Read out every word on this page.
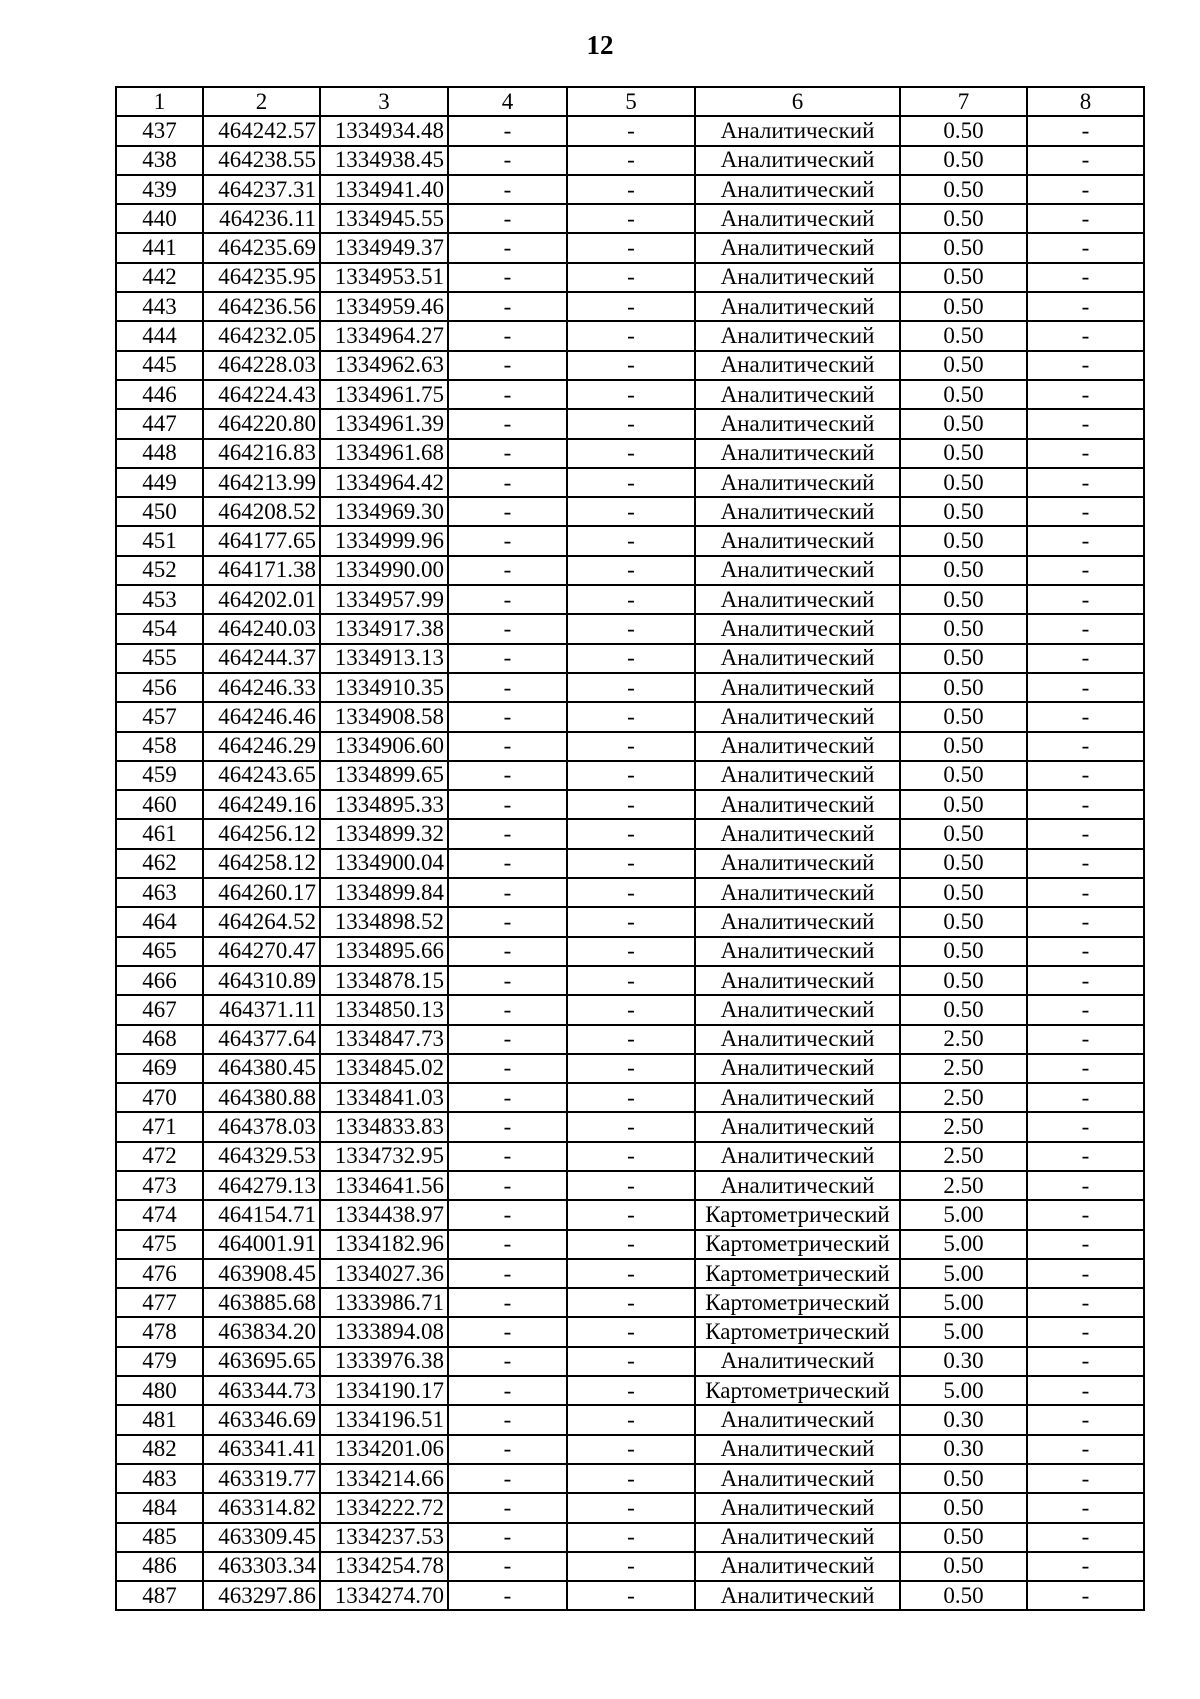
12
1	2	3	4	5	6	7	8
437	464242.57	1334934.48	-	-	Аналитический	0.50	-
438	464238.55	1334938.45	-	-	Аналитический	0.50	-
439	464237.31	1334941.40	-	-	Аналитический	0.50	-
440	464236.11	1334945.55	-	-	Аналитический	0.50	-
441	464235.69	1334949.37	-	-	Аналитический	0.50	-
442	464235.95	1334953.51	-	-	Аналитический	0.50	-
443	464236.56	1334959.46	-	-	Аналитический	0.50	-
444	464232.05	1334964.27	-	-	Аналитический	0.50	-
445	464228.03	1334962.63	-	-	Аналитический	0.50	-
446	464224.43	1334961.75	-	-	Аналитический	0.50	-
447	464220.80	1334961.39	-	-	Аналитический	0.50	-
448	464216.83	1334961.68	-	-	Аналитический	0.50	-
449	464213.99	1334964.42	-	-	Аналитический	0.50	-
450	464208.52	1334969.30	-	-	Аналитический	0.50	-
451	464177.65	1334999.96	-	-	Аналитический	0.50	-
452	464171.38	1334990.00	-	-	Аналитический	0.50	-
453	464202.01	1334957.99	-	-	Аналитический	0.50	-
454	464240.03	1334917.38	-	-	Аналитический	0.50	-
455	464244.37	1334913.13	-	-	Аналитический	0.50	-
456	464246.33	1334910.35	-	-	Аналитический	0.50	-
457	464246.46	1334908.58	-	-	Аналитический	0.50	-
458	464246.29	1334906.60	-	-	Аналитический	0.50	-
459	464243.65	1334899.65	-	-	Аналитический	0.50	-
460	464249.16	1334895.33	-	-	Аналитический	0.50	-
461	464256.12	1334899.32	-	-	Аналитический	0.50	-
462	464258.12	1334900.04	-	-	Аналитический	0.50	-
463	464260.17	1334899.84	-	-	Аналитический	0.50	-
464	464264.52	1334898.52	-	-	Аналитический	0.50	-
465	464270.47	1334895.66	-	-	Аналитический	0.50	-
466	464310.89	1334878.15	-	-	Аналитический	0.50	-
467	464371.11	1334850.13	-	-	Аналитический	0.50	-
468	464377.64	1334847.73	-	-	Аналитический	2.50	-
469	464380.45	1334845.02	-	-	Аналитический	2.50	-
470	464380.88	1334841.03	-	-	Аналитический	2.50	-
471	464378.03	1334833.83	-	-	Аналитический	2.50	-
472	464329.53	1334732.95	-	-	Аналитический	2.50	-
473	464279.13	1334641.56	-	-	Аналитический	2.50	-
474	464154.71	1334438.97	-	-	Картометрический	5.00	-
475	464001.91	1334182.96	-	-	Картометрический	5.00	-
476	463908.45	1334027.36	-	-	Картометрический	5.00	-
477	463885.68	1333986.71	-	-	Картометрический	5.00	-
478	463834.20	1333894.08	-	-	Картометрический	5.00	-
479	463695.65	1333976.38	-	-	Аналитический	0.30	-
480	463344.73	1334190.17	-	-	Картометрический	5.00	-
481	463346.69	1334196.51	-	-	Аналитический	0.30	-
482	463341.41	1334201.06	-	-	Аналитический	0.30	-
483	463319.77	1334214.66	-	-	Аналитический	0.50	-
484	463314.82	1334222.72	-	-	Аналитический	0.50	-
485	463309.45	1334237.53	-	-	Аналитический	0.50	-
486	463303.34	1334254.78	-	-	Аналитический	0.50	-
487	463297.86	1334274.70	-	-	Аналитический	0.50	-
